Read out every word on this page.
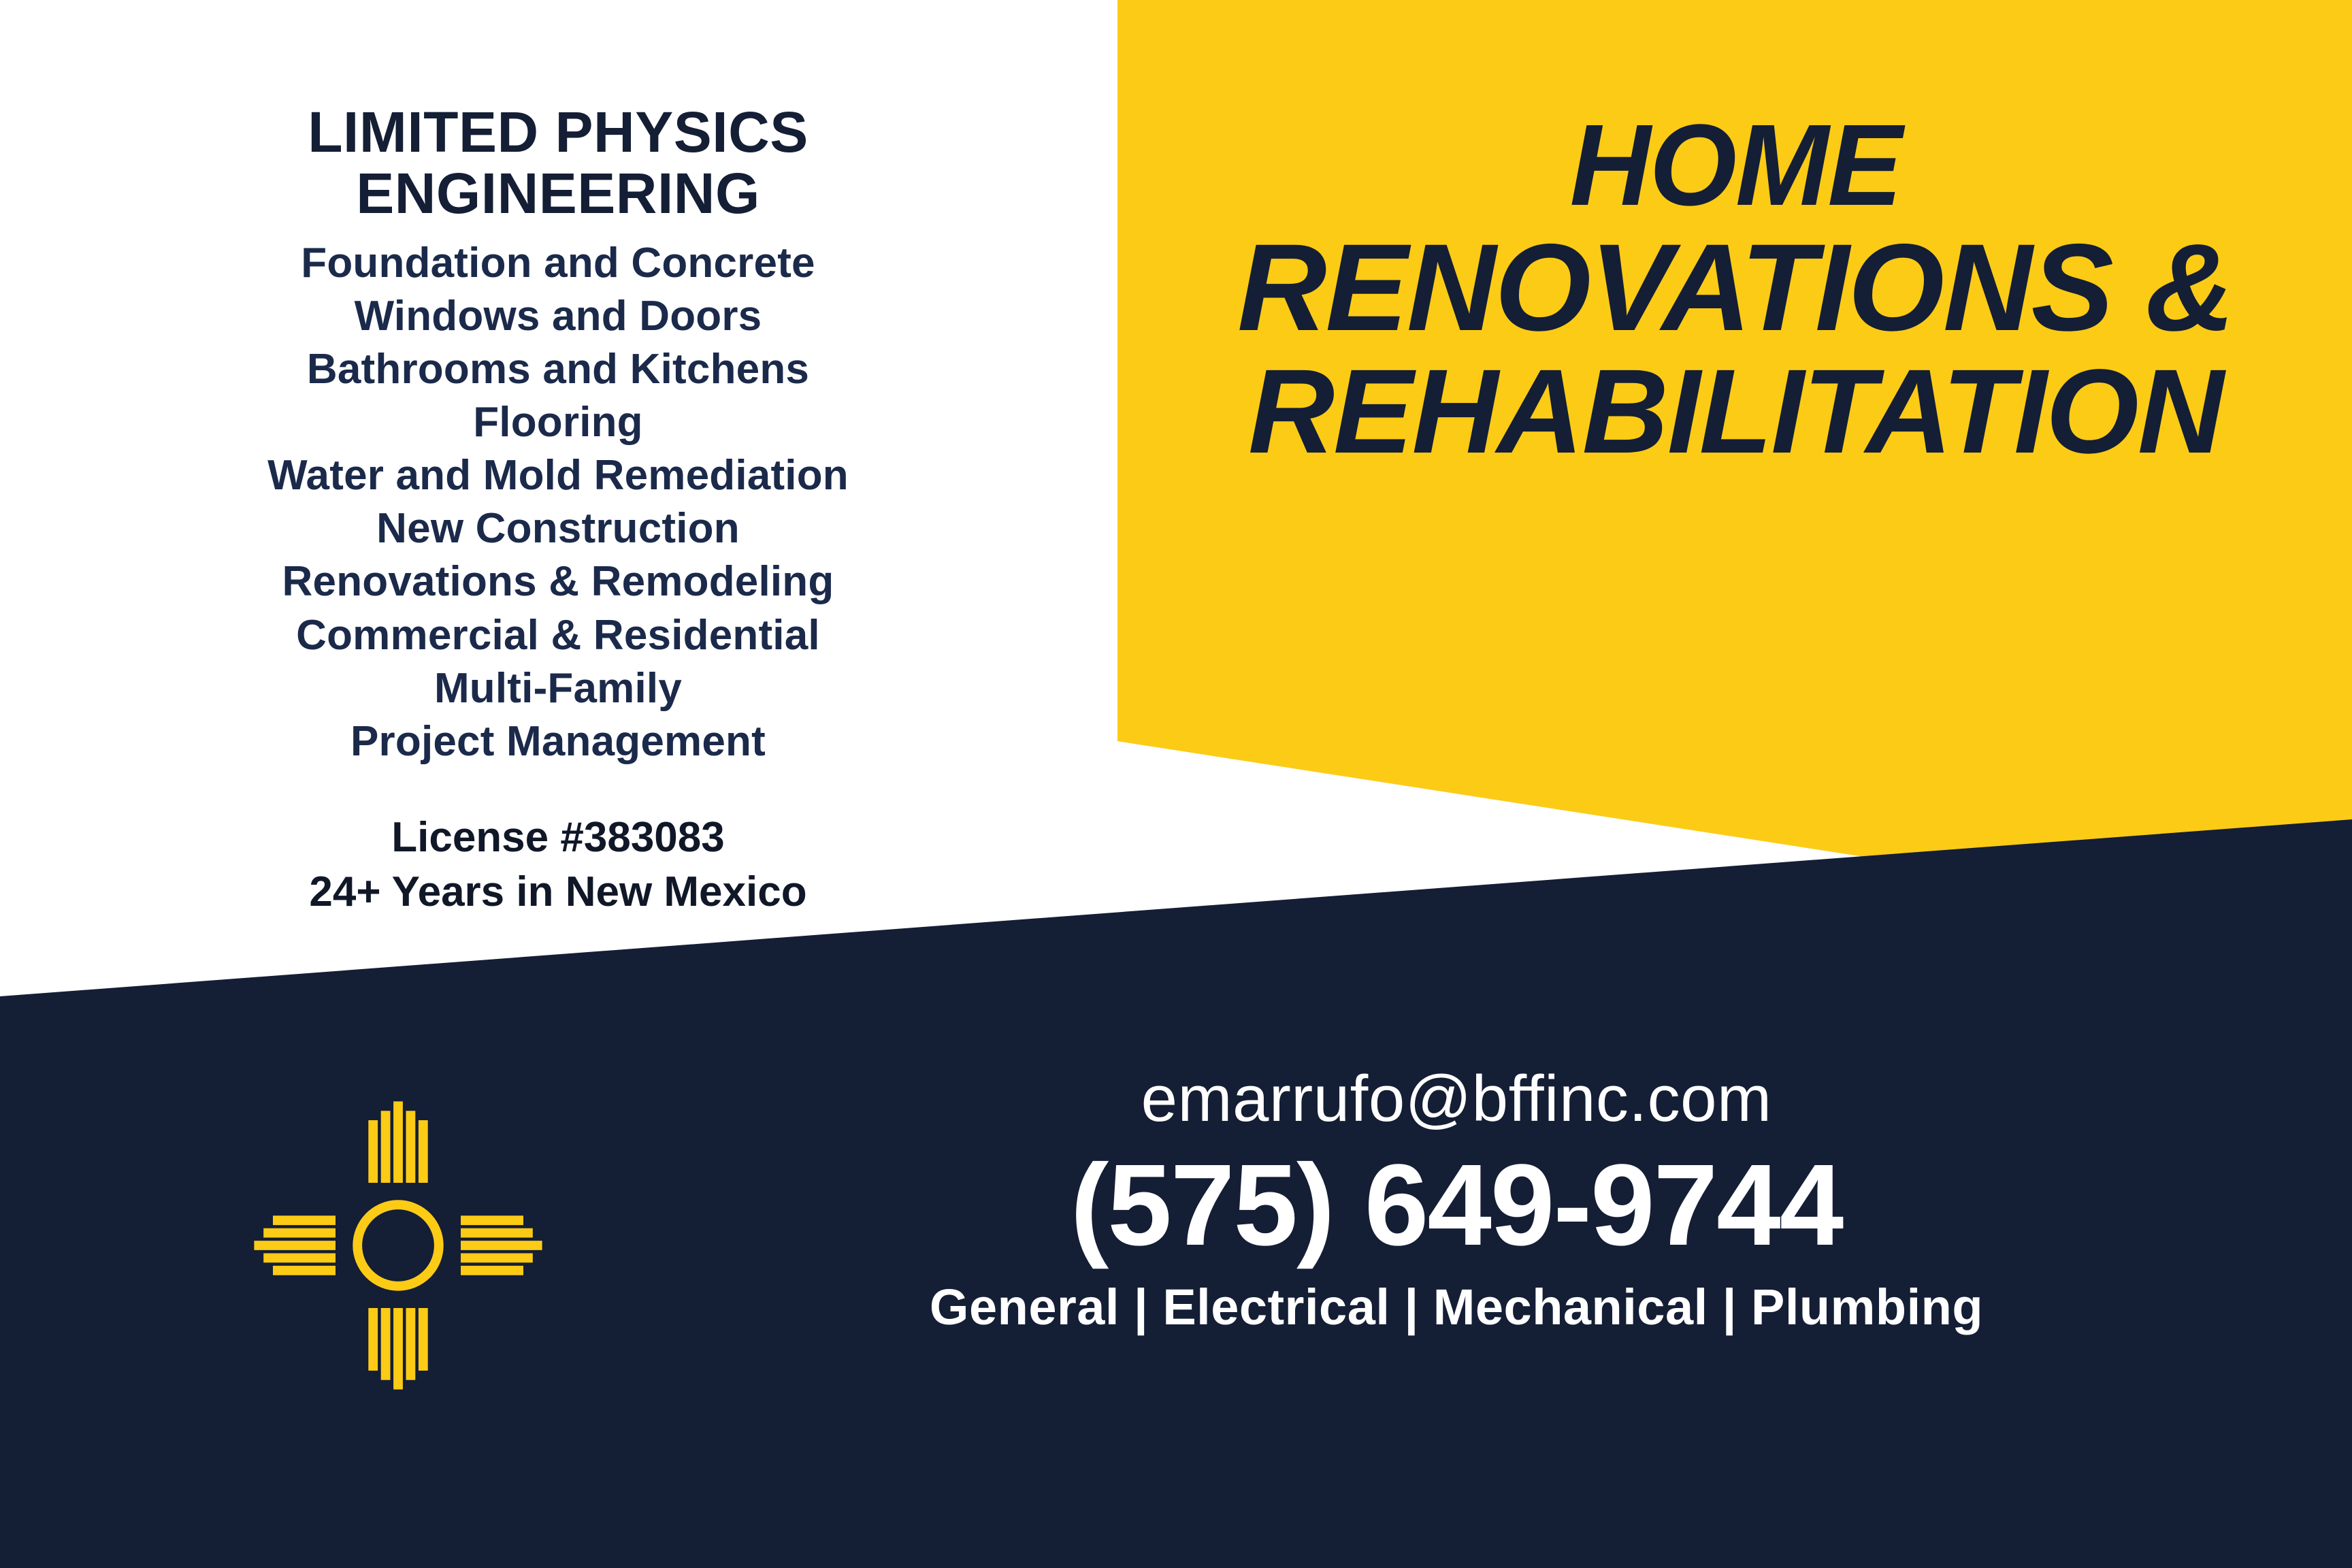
LIMITED PHYSICS ENGINEERING
Foundation and Concrete
Windows and Doors
Bathrooms and Kitchens
Flooring
Water and Mold Remediation
New Construction
Renovations & Remodeling
Commercial & Residential
Multi-Family
Project Management
License #383083
24+ Years in New Mexico
HOME
RENOVATIONS &
REHABILITATION
emarrufo@bffinc.com
(575) 649-9744
General | Electrical | Mechanical | Plumbing
